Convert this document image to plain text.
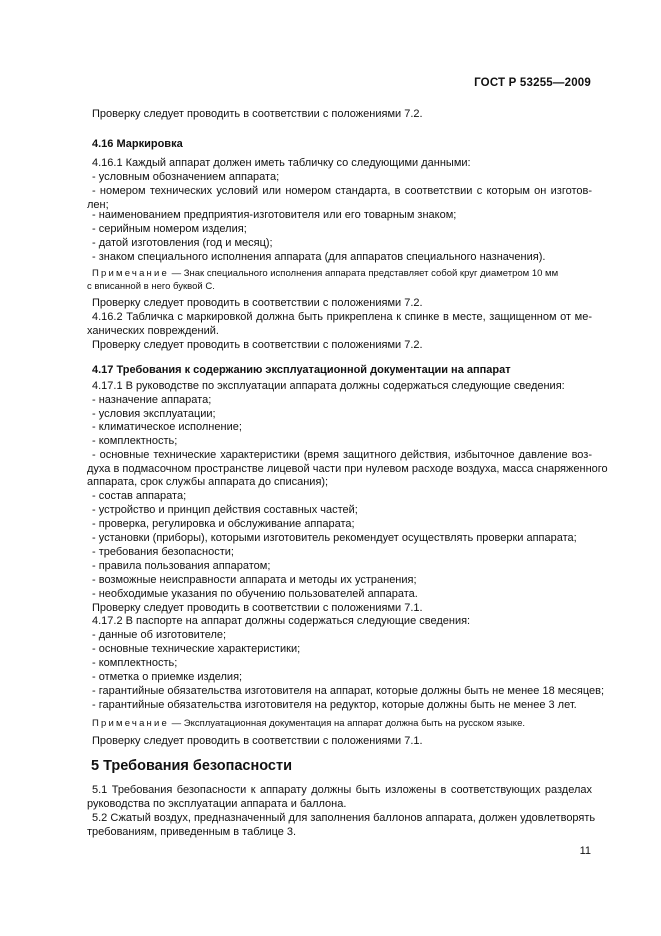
ГОСТ Р 53255—2009
Проверку следует проводить в соответствии с положениями 7.2.
4.16 Маркировка
4.16.1 Каждый аппарат должен иметь табличку со следующими данными:
- условным обозначением аппарата;
- номером технических условий или номером стандарта, в соответствии с которым он изготов-
лен;
- наименованием предприятия-изготовителя или его товарным знаком;
- серийным номером изделия;
- датой изготовления (год и месяц);
- знаком специального исполнения аппарата (для аппаратов специального назначения).
Примечание — Знак специального исполнения аппарата представляет собой круг диаметром 10 мм
с вписанной в него буквой С.
Проверку следует проводить в соответствии с положениями 7.2.
4.16.2 Табличка с маркировкой должна быть прикреплена к спинке в месте, защищенном от ме-
ханических повреждений.
Проверку следует проводить в соответствии с положениями 7.2.
4.17 Требования к содержанию эксплуатационной документации на аппарат
4.17.1 В руководстве по эксплуатации аппарата должны содержаться следующие сведения:
- назначение аппарата;
- условия эксплуатации;
- климатическое исполнение;
- комплектность;
- основные технические характеристики (время защитного действия, избыточное давление воз-
духа в подмасочном пространстве лицевой части при нулевом расходе воздуха, масса снаряженного
аппарата, срок службы аппарата до списания);
- состав аппарата;
- устройство и принцип действия составных частей;
- проверка, регулировка и обслуживание аппарата;
- установки (приборы), которыми изготовитель рекомендует осуществлять проверки аппарата;
- требования безопасности;
- правила пользования аппаратом;
- возможные неисправности аппарата и методы их устранения;
- необходимые указания по обучению пользователей аппарата.
Проверку следует проводить в соответствии с положениями 7.1.
4.17.2 В паспорте на аппарат должны содержаться следующие сведения:
- данные об изготовителе;
- основные технические характеристики;
- комплектность;
- отметка о приемке изделия;
- гарантийные обязательства изготовителя на аппарат, которые должны быть не менее 18 месяцев;
- гарантийные обязательства изготовителя на редуктор, которые должны быть не менее 3 лет.
Примечание — Эксплуатационная документация на аппарат должна быть на русском языке.
Проверку следует проводить в соответствии с положениями 7.1.
5 Требования безопасности
5.1 Требования безопасности к аппарату должны быть изложены в соответствующих разделах
руководства по эксплуатации аппарата и баллона.
5.2 Сжатый воздух, предназначенный для заполнения баллонов аппарата, должен удовлетворять
требованиям, приведенным в таблице 3.
11
